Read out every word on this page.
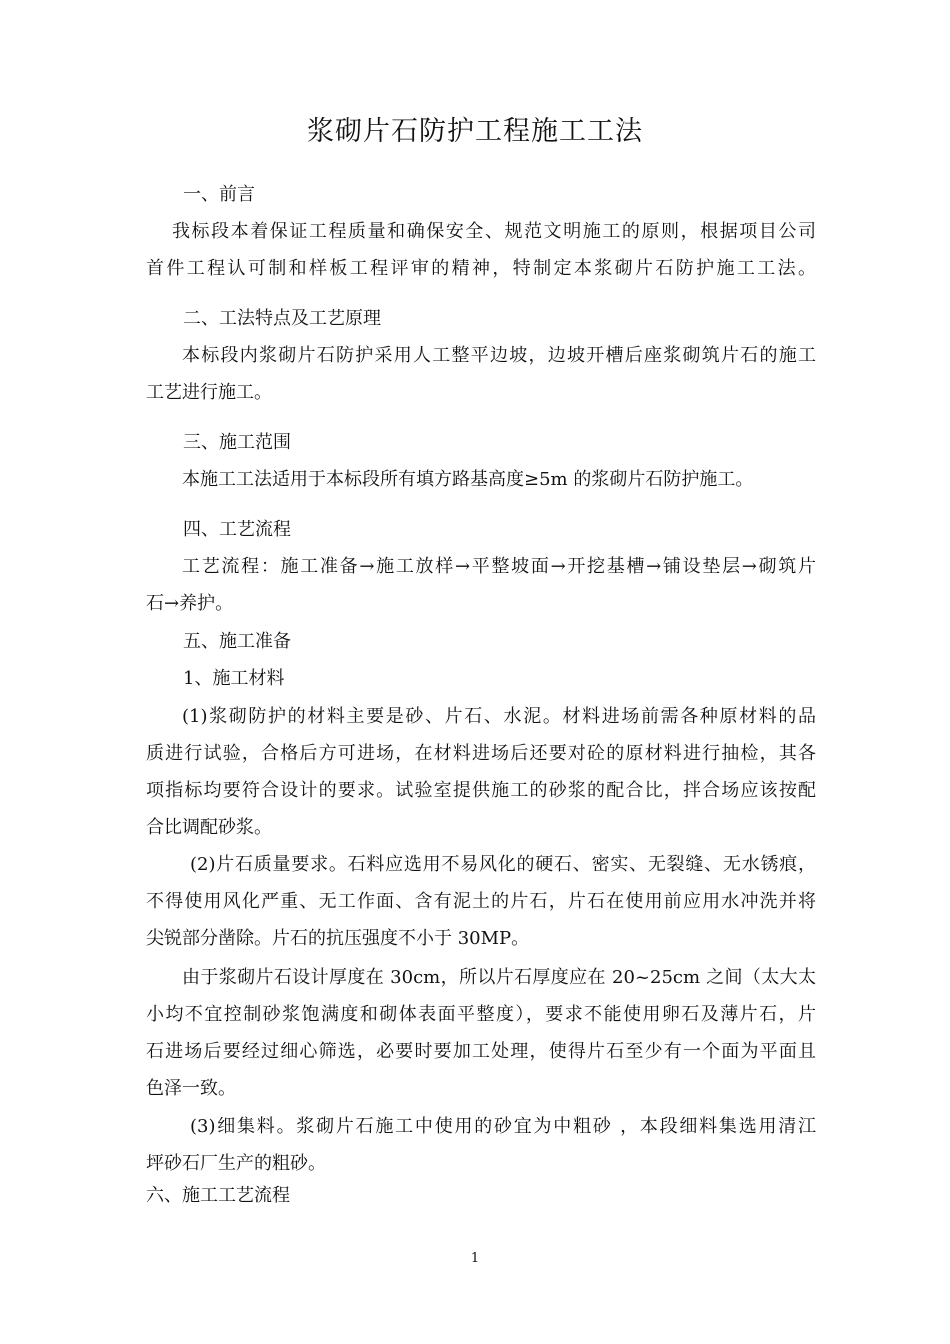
浆砌片石防护工程施工工法
一、前言
我标段本着保证工程质量和确保安全、规范文明施工的原则，根据项目公司
首件工程认可制和样板工程评审的精神，特制定本浆砌片石防护施工工法。
二、工法特点及工艺原理
本标段内浆砌片石防护采用人工整平边坡，边坡开槽后座浆砌筑片石的施工
工艺进行施工。
三、施工范围
本施工工法适用于本标段所有填方路基高度≥5m 的浆砌片石防护施工。
四、工艺流程
工艺流程：施工准备→施工放样→平整坡面→开挖基槽→铺设垫层→砌筑片
石→养护。
五、施工准备
1、施工材料
(1)浆砌防护的材料主要是砂、片石、水泥。材料进场前需各种原材料的品
质进行试验，合格后方可进场，在材料进场后还要对砼的原材料进行抽检，其各
项指标均要符合设计的要求。试验室提供施工的砂浆的配合比，拌合场应该按配
合比调配砂浆。
(2)片石质量要求。石料应选用不易风化的硬石、密实、无裂缝、无水锈痕，
不得使用风化严重、无工作面、含有泥土的片石，片石在使用前应用水冲洗并将
尖锐部分凿除。片石的抗压强度不小于 30MP。
由于浆砌片石设计厚度在 30cm，所以片石厚度应在 20~25cm 之间（太大太
小均不宜控制砂浆饱满度和砌体表面平整度），要求不能使用卵石及薄片石，片
石进场后要经过细心筛选，必要时要加工处理，使得片石至少有一个面为平面且
色泽一致。
(3)细集料。浆砌片石施工中使用的砂宜为中粗砂 ，本段细料集选用清江
坪砂石厂生产的粗砂。
六、施工工艺流程
1
